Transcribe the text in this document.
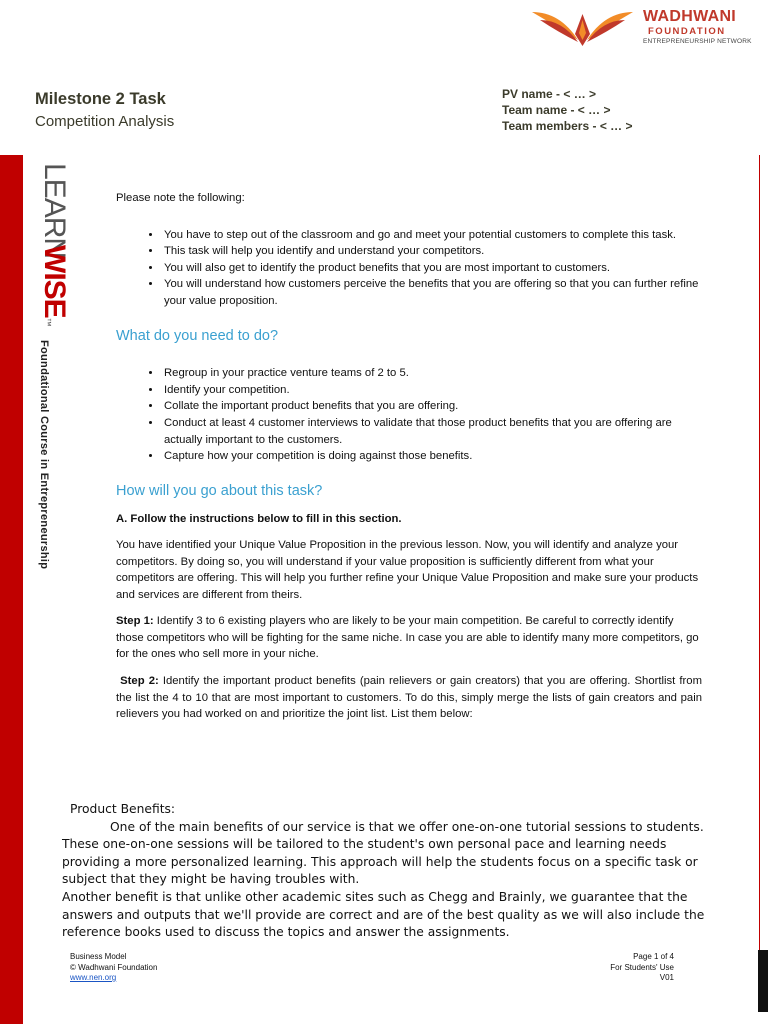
WADHWANI
FOUNDATION
ENTREPRENEURSHIP NETWORK
Milestone 2 Task
Competition Analysis
PV name - < … >
Team name - < … >
Team members - < … >
LEARN
WISE™
Foundational Course in Entrepreneurship

Please note the following:

• You have to step out of the classroom and go and meet your potential customers to complete this task.
• This task will help you identify and understand your competitors.
• You will also get to identify the product benefits that you are most important to customers.
• You will understand how customers perceive the benefits that you are offering so that you can further refine your value proposition.
What do you need to do?
• Regroup in your practice venture teams of 2 to 5.
• Identify your competition.
• Collate the important product benefits that you are offering.
• Conduct at least 4 customer interviews to validate that those product benefits that you are offering are actually important to the customers.
• Capture how your competition is doing against those benefits.
How will you go about this task?

A. Follow the instructions below to fill in this section.

You have identified your Unique Value Proposition in the previous lesson. Now, you will identify and analyze your competitors. By doing so, you will understand if your value proposition is sufficiently different from what your competitors are offering. This will help you further refine your Unique Value Proposition and make sure your products and services are different from theirs.

Step 1: Identify 3 to 6 existing players who are likely to be your main competition. Be careful to correctly identify those competitors who will be fighting for the same niche. In case you are able to identify many more competitors, go for the ones who sell more in your niche.

Step 2: Identify the important product benefits (pain relievers or gain creators) that you are offering. Shortlist from the list the 4 to 10 that are most important to customers. To do this, simply merge the lists of gain creators and pain relievers you had worked on and prioritize the joint list. List them below:

Product Benefits:
One of the main benefits of our service is that we offer one-on-one tutorial sessions to students. These one-on-one sessions will be tailored to the student's own personal pace and learning needs providing a more personalized learning. This approach will help the students focus on a specific task or subject that they might be having troubles with.
Another benefit is that unlike other academic sites such as Chegg and Brainly, we guarantee that the answers and outputs that we'll provide are correct and are of the best quality as we will also include the reference books used to discuss the topics and answer the assignments.
Business Model
© Wadhwani Foundation
www.nen.org
Page 1 of 4
For Students' Use
V01
